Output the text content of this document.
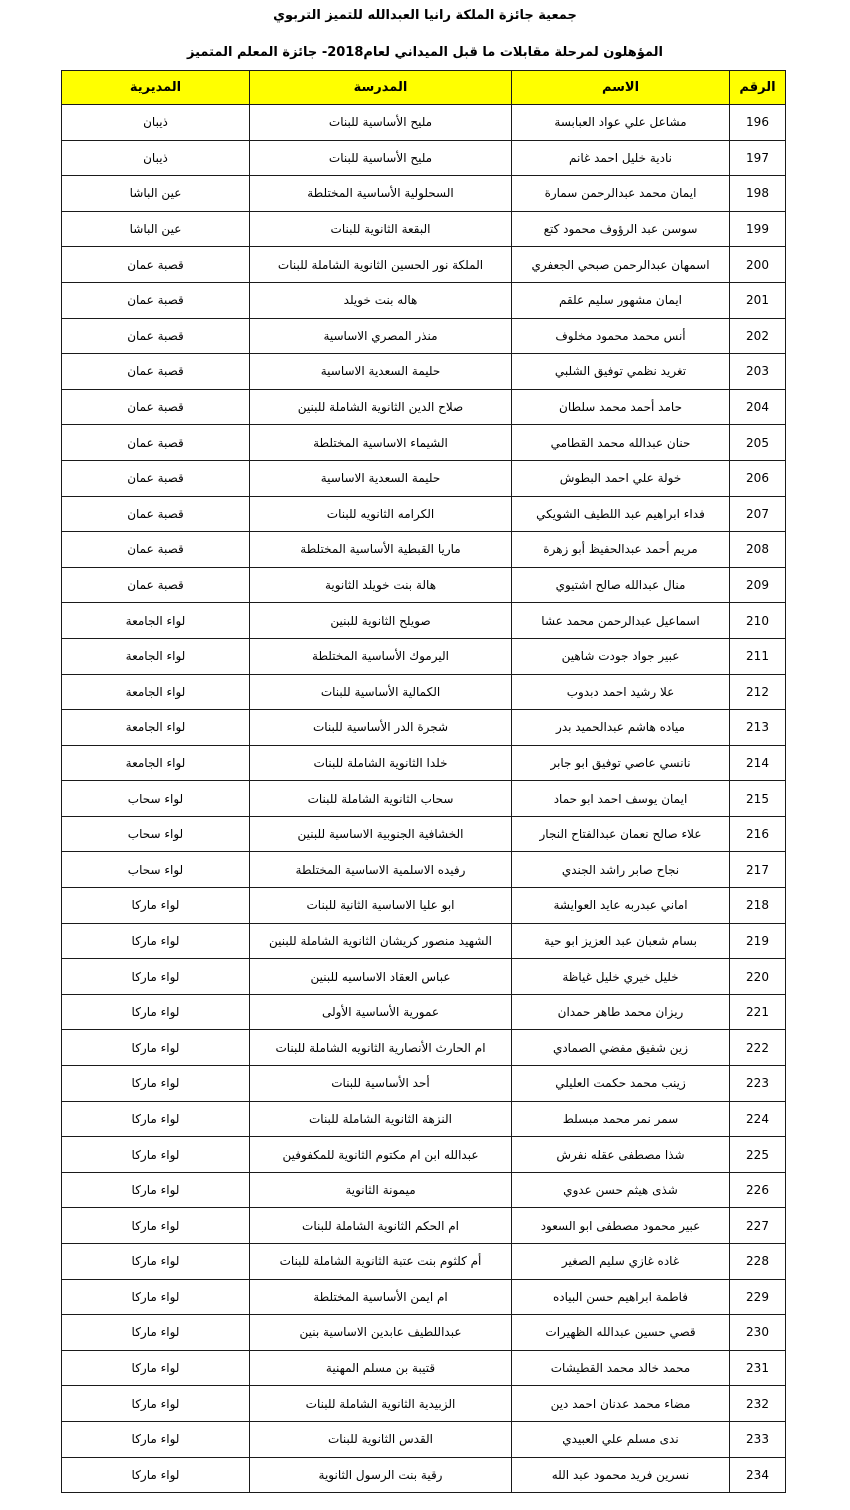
جمعية جائزة الملكة رانيا العبدالله للتميز التربوي
المؤهلون لمرحلة مقابلات ما قبل الميداني لعام2018- جائزة المعلم المتميز
الرقم	الاسم	المدرسة	المديرية
196	مشاعل علي عواد العبابسة	مليح الأساسية للبنات	ذيبان
197	نادية خليل احمد غانم	مليح الأساسية للبنات	ذيبان
198	ايمان محمد عبدالرحمن سمارة	السحلولية الأساسية المختلطة	عين الباشا
199	سوسن عبد الرؤوف محمود كتع	البقعة الثانوية للبنات	عين الباشا
200	اسمهان عبدالرحمن صبحي الجعفري	الملكة نور الحسين الثانوية الشاملة للبنات	قصبة عمان
201	ايمان مشهور سليم علقم	هاله بنت خويلد	قصبة عمان
202	أنس محمد محمود مخلوف	منذر المصري الاساسية	قصبة عمان
203	تغريد نظمي توفيق الشلبي	حليمة السعدية الاساسية	قصبة عمان
204	حامد أحمد محمد سلطان	صلاح الدين الثانوية الشاملة للبنين	قصبة عمان
205	حنان عبدالله محمد القطامي	الشيماء الاساسية المختلطة	قصبة عمان
206	خولة علي احمد البطوش	حليمة السعدية الاساسية	قصبة عمان
207	فداء ابراهيم عبد اللطيف الشويكي	الكرامه الثانويه للبنات	قصبة عمان
208	مريم أحمد عبدالحفيظ أبو زهرة	ماريا القبطية الأساسية المختلطة	قصبة عمان
209	منال عبدالله صالح اشتيوي	هالة بنت خويلد الثانوية	قصبة عمان
210	اسماعيل عبدالرحمن محمد عشا	صويلح الثانوية للبنين	لواء الجامعة
211	عبير جواد جودت شاهين	اليرموك الأساسية المختلطة	لواء الجامعة
212	علا رشيد احمد دبدوب	الكمالية الأساسية للبنات	لواء الجامعة
213	مياده هاشم عبدالحميد بدر	شجرة الدر الأساسية للبنات	لواء الجامعة
214	نانسي عاصي توفيق ابو جابر	خلدا الثانوية الشاملة للبنات	لواء الجامعة
215	ايمان يوسف احمد ابو حماد	سحاب الثانوية الشاملة للبنات	لواء سحاب
216	علاء صالح نعمان عبدالفتاح النجار	الخشافية الجنوبية الاساسية للبنين	لواء سحاب
217	نجاح صابر راشد الجندي	رفيده الاسلمية الاساسية المختلطة	لواء سحاب
218	اماني عبدربه عايد العوايشة	ابو عليا الاساسية الثانية للبنات	لواء ماركا
219	بسام شعبان عبد العزيز ابو حية	الشهيد منصور كريشان الثانوية الشاملة للبنين	لواء ماركا
220	خليل خيري خليل غياظة	عباس العقاد الاساسيه للبنين	لواء ماركا
221	ريزان محمد طاهر حمدان	عمورية الأساسية الأولى	لواء ماركا
222	زين شفيق مفضي الصمادي	ام الحارث الأنصارية الثانويه الشاملة للبنات	لواء ماركا
223	زينب محمد حكمت العليلي	أحد الأساسية للبنات	لواء ماركا
224	سمر نمر محمد مبسلط	النزهة الثانوية الشاملة للبنات	لواء ماركا
225	شذا مصطفى عقله نفرش	عبدالله ابن ام مكتوم الثانوية للمكفوفين	لواء ماركا
226	شذى هيثم حسن عدوي	ميمونة الثانوية	لواء ماركا
227	عبير محمود مصطفى ابو السعود	ام الحكم الثانوية الشاملة للبنات	لواء ماركا
228	غاده غازي سليم الصغير	أم كلثوم بنت عتبة الثانوية الشاملة للبنات	لواء ماركا
229	فاطمة ابراهيم حسن البياده	ام ايمن الأساسية المختلطة	لواء ماركا
230	قصي حسين عبدالله الظهيرات	عبداللطيف عابدين الاساسية بنين	لواء ماركا
231	محمد خالد محمد القطيشات	قتيبة بن مسلم المهنية	لواء ماركا
232	مضاء محمد عدنان احمد دين	الزبيدية الثانوية الشاملة للبنات	لواء ماركا
233	ندى مسلم علي العبيدي	القدس الثانوية للبنات	لواء ماركا
234	نسرين فريد محمود عبد الله	رقية بنت الرسول الثانوية	لواء ماركا
